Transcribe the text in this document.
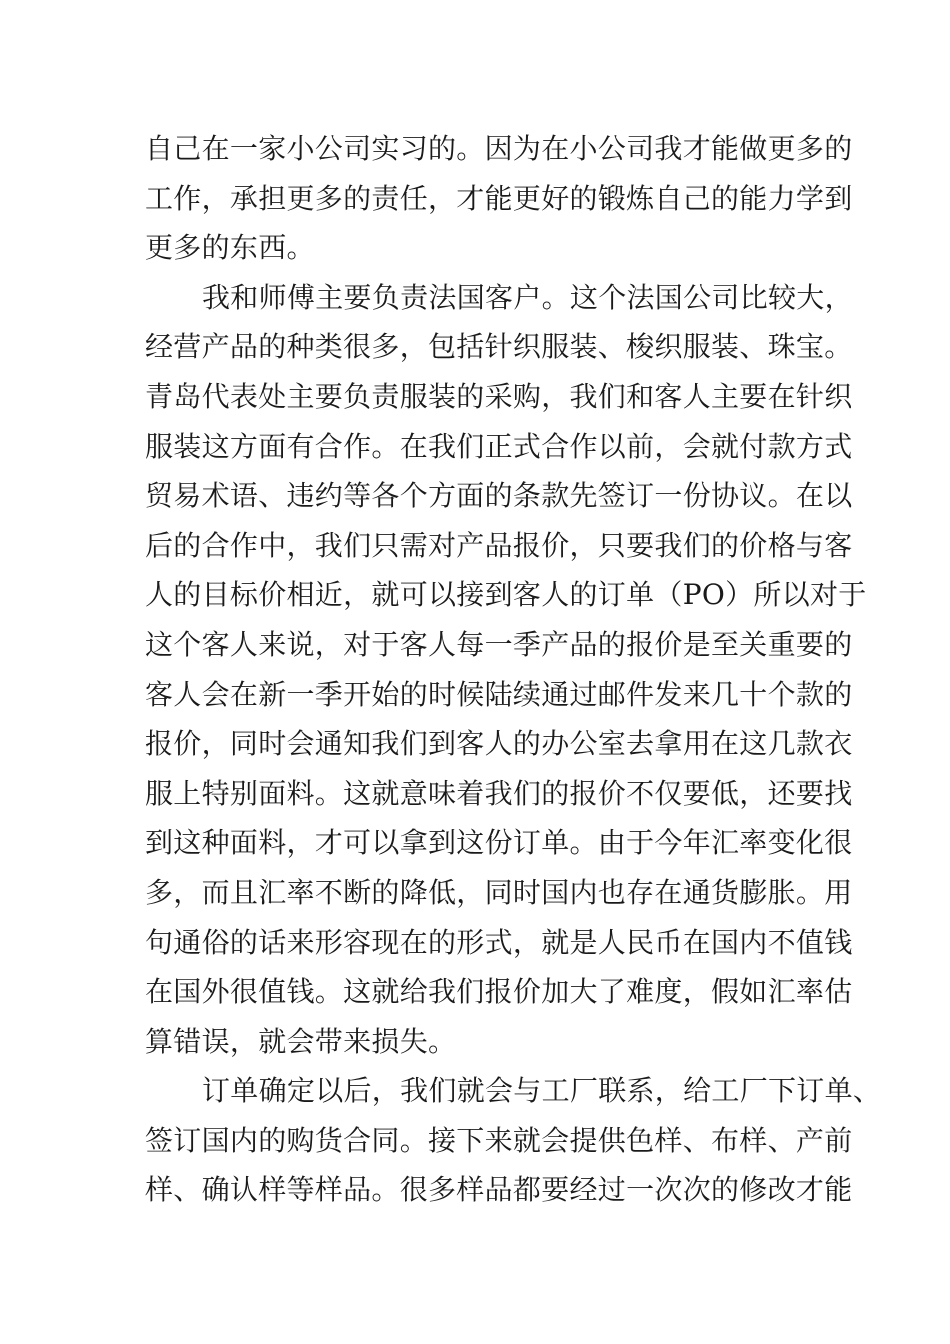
自己在一家小公司实习的。因为在小公司我才能做更多的
工作，承担更多的责任，才能更好的锻炼自己的能力学到
更多的东西。
我和师傅主要负责法国客户。这个法国公司比较大，
经营产品的种类很多，包括针织服装、梭织服装、珠宝。
青岛代表处主要负责服装的采购，我们和客人主要在针织
服装这方面有合作。在我们正式合作以前，会就付款方式
贸易术语、违约等各个方面的条款先签订一份协议。在以
后的合作中，我们只需对产品报价，只要我们的价格与客
人的目标价相近，就可以接到客人的订单（PO）所以对于
这个客人来说，对于客人每一季产品的报价是至关重要的
客人会在新一季开始的时候陆续通过邮件发来几十个款的
报价，同时会通知我们到客人的办公室去拿用在这几款衣
服上特别面料。这就意味着我们的报价不仅要低，还要找
到这种面料，才可以拿到这份订单。由于今年汇率变化很
多，而且汇率不断的降低，同时国内也存在通货膨胀。用
句通俗的话来形容现在的形式，就是人民币在国内不值钱
在国外很值钱。这就给我们报价加大了难度，假如汇率估
算错误，就会带来损失。
订单确定以后，我们就会与工厂联系，给工厂下订单、
签订国内的购货合同。接下来就会提供色样、布样、产前
样、确认样等样品。很多样品都要经过一次次的修改才能
